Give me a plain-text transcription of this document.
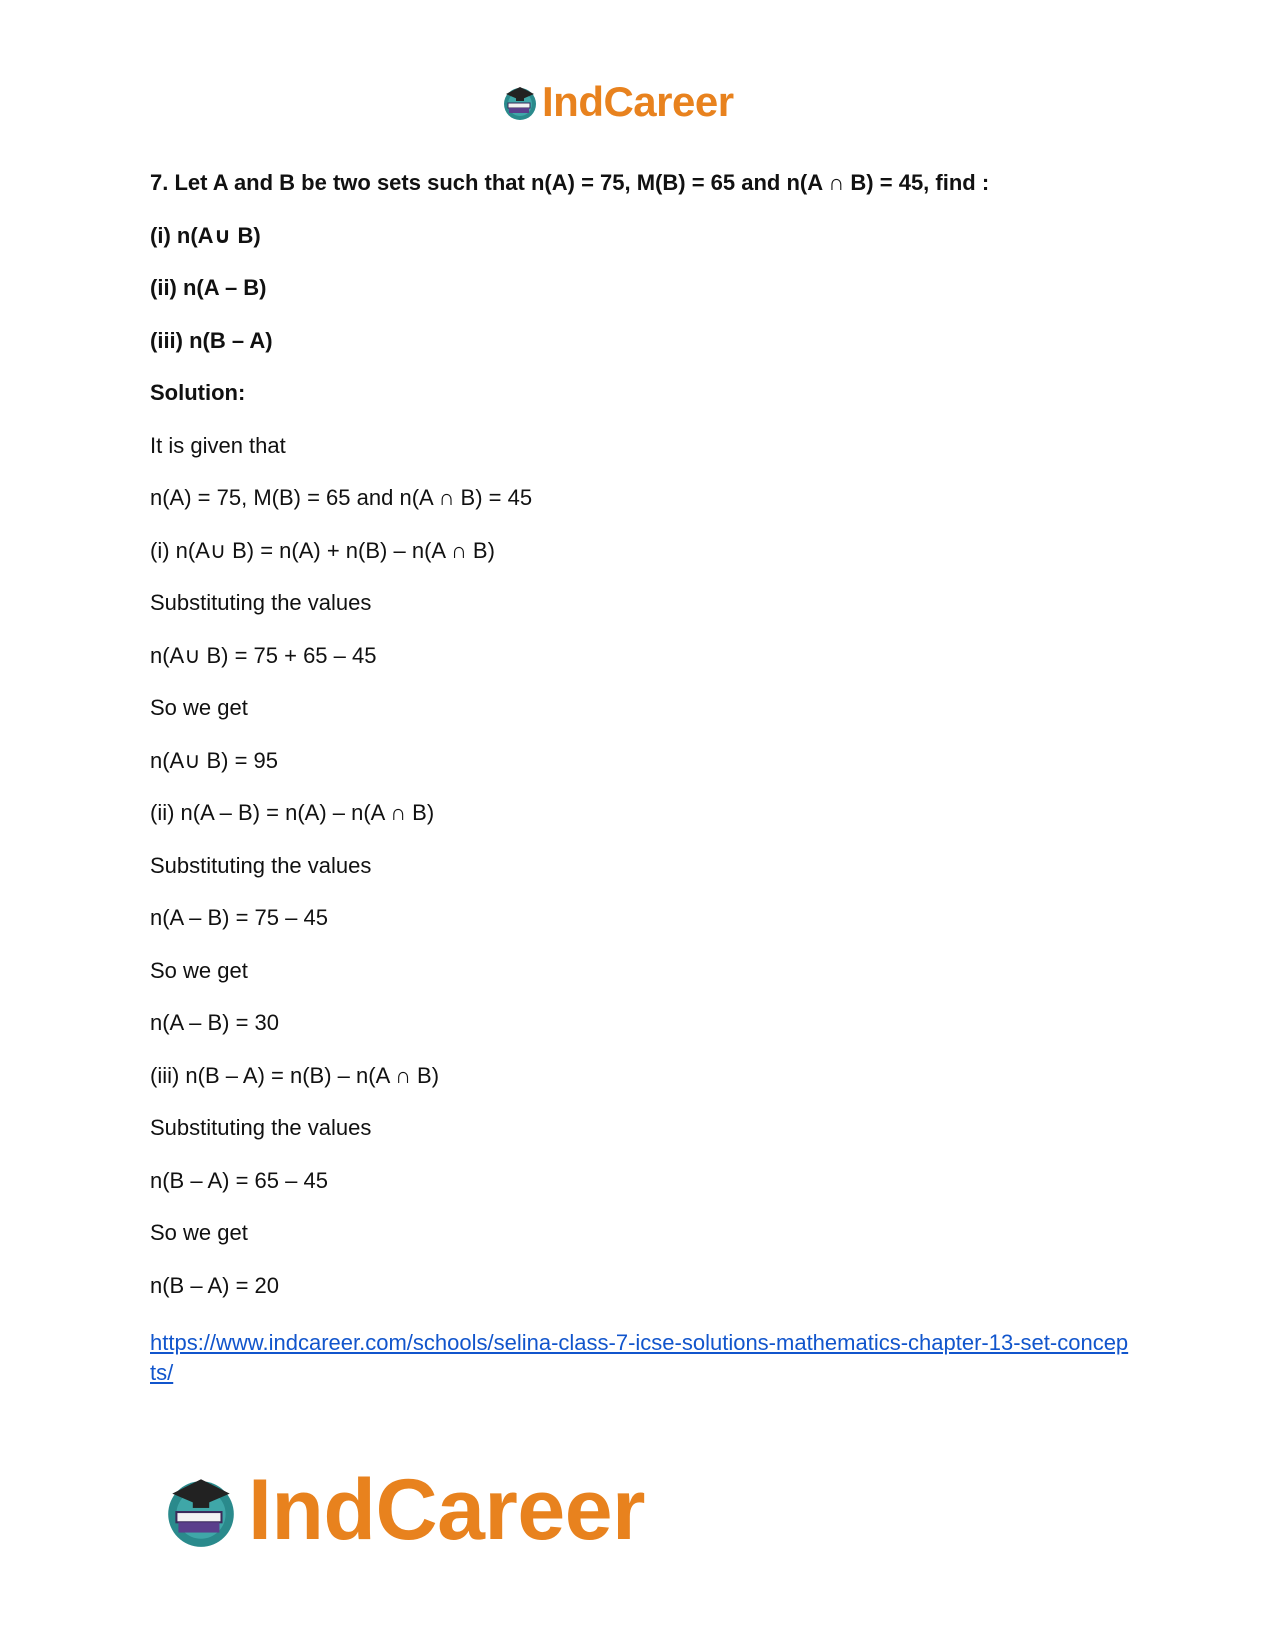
IndCareer
7. Let A and B be two sets such that n(A) = 75, M(B) = 65 and n(A ∩ B) = 45, find :
(i) n(A∪ B)
(ii) n(A – B)
(iii) n(B – A)
Solution:
It is given that
n(A) = 75, M(B) = 65 and n(A ∩ B) = 45
(i) n(A∪ B) = n(A) + n(B) – n(A ∩ B)
Substituting the values
n(A∪ B) = 75 + 65 – 45
So we get
n(A∪ B) = 95
(ii) n(A – B) = n(A) – n(A ∩ B)
Substituting the values
n(A – B) = 75 – 45
So we get
n(A – B) = 30
(iii) n(B – A) = n(B) – n(A ∩ B)
Substituting the values
n(B – A) = 65 – 45
So we get
n(B – A) = 20
https://www.indcareer.com/schools/selina-class-7-icse-solutions-mathematics-chapter-13-set-concepts/
IndCareer
